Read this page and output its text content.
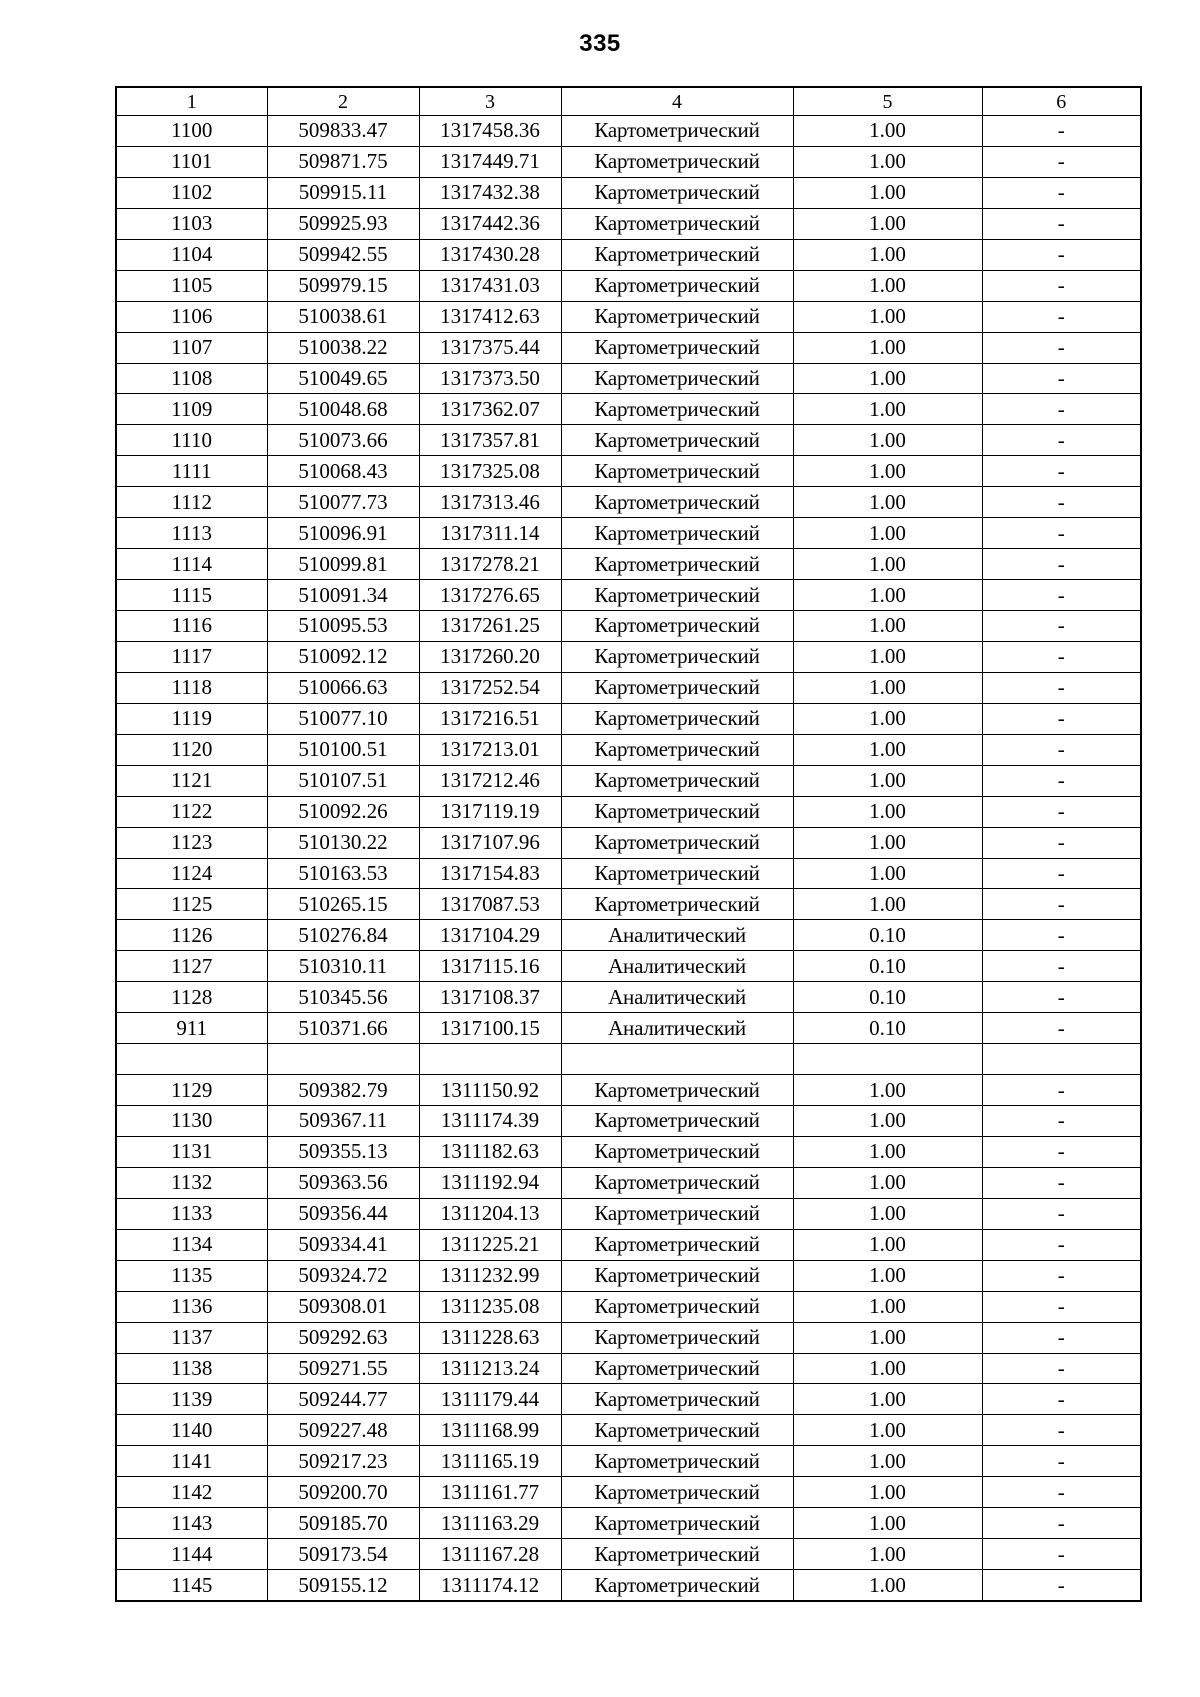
335
1	2	3	4	5	6
1100	509833.47	1317458.36	Картометрический	1.00	-
1101	509871.75	1317449.71	Картометрический	1.00	-
1102	509915.11	1317432.38	Картометрический	1.00	-
1103	509925.93	1317442.36	Картометрический	1.00	-
1104	509942.55	1317430.28	Картометрический	1.00	-
1105	509979.15	1317431.03	Картометрический	1.00	-
1106	510038.61	1317412.63	Картометрический	1.00	-
1107	510038.22	1317375.44	Картометрический	1.00	-
1108	510049.65	1317373.50	Картометрический	1.00	-
1109	510048.68	1317362.07	Картометрический	1.00	-
1110	510073.66	1317357.81	Картометрический	1.00	-
1111	510068.43	1317325.08	Картометрический	1.00	-
1112	510077.73	1317313.46	Картометрический	1.00	-
1113	510096.91	1317311.14	Картометрический	1.00	-
1114	510099.81	1317278.21	Картометрический	1.00	-
1115	510091.34	1317276.65	Картометрический	1.00	-
1116	510095.53	1317261.25	Картометрический	1.00	-
1117	510092.12	1317260.20	Картометрический	1.00	-
1118	510066.63	1317252.54	Картометрический	1.00	-
1119	510077.10	1317216.51	Картометрический	1.00	-
1120	510100.51	1317213.01	Картометрический	1.00	-
1121	510107.51	1317212.46	Картометрический	1.00	-
1122	510092.26	1317119.19	Картометрический	1.00	-
1123	510130.22	1317107.96	Картометрический	1.00	-
1124	510163.53	1317154.83	Картометрический	1.00	-
1125	510265.15	1317087.53	Картометрический	1.00	-
1126	510276.84	1317104.29	Аналитический	0.10	-
1127	510310.11	1317115.16	Аналитический	0.10	-
1128	510345.56	1317108.37	Аналитический	0.10	-
911	510371.66	1317100.15	Аналитический	0.10	-

1129	509382.79	1311150.92	Картометрический	1.00	-
1130	509367.11	1311174.39	Картометрический	1.00	-
1131	509355.13	1311182.63	Картометрический	1.00	-
1132	509363.56	1311192.94	Картометрический	1.00	-
1133	509356.44	1311204.13	Картометрический	1.00	-
1134	509334.41	1311225.21	Картометрический	1.00	-
1135	509324.72	1311232.99	Картометрический	1.00	-
1136	509308.01	1311235.08	Картометрический	1.00	-
1137	509292.63	1311228.63	Картометрический	1.00	-
1138	509271.55	1311213.24	Картометрический	1.00	-
1139	509244.77	1311179.44	Картометрический	1.00	-
1140	509227.48	1311168.99	Картометрический	1.00	-
1141	509217.23	1311165.19	Картометрический	1.00	-
1142	509200.70	1311161.77	Картометрический	1.00	-
1143	509185.70	1311163.29	Картометрический	1.00	-
1144	509173.54	1311167.28	Картометрический	1.00	-
1145	509155.12	1311174.12	Картометрический	1.00	-
